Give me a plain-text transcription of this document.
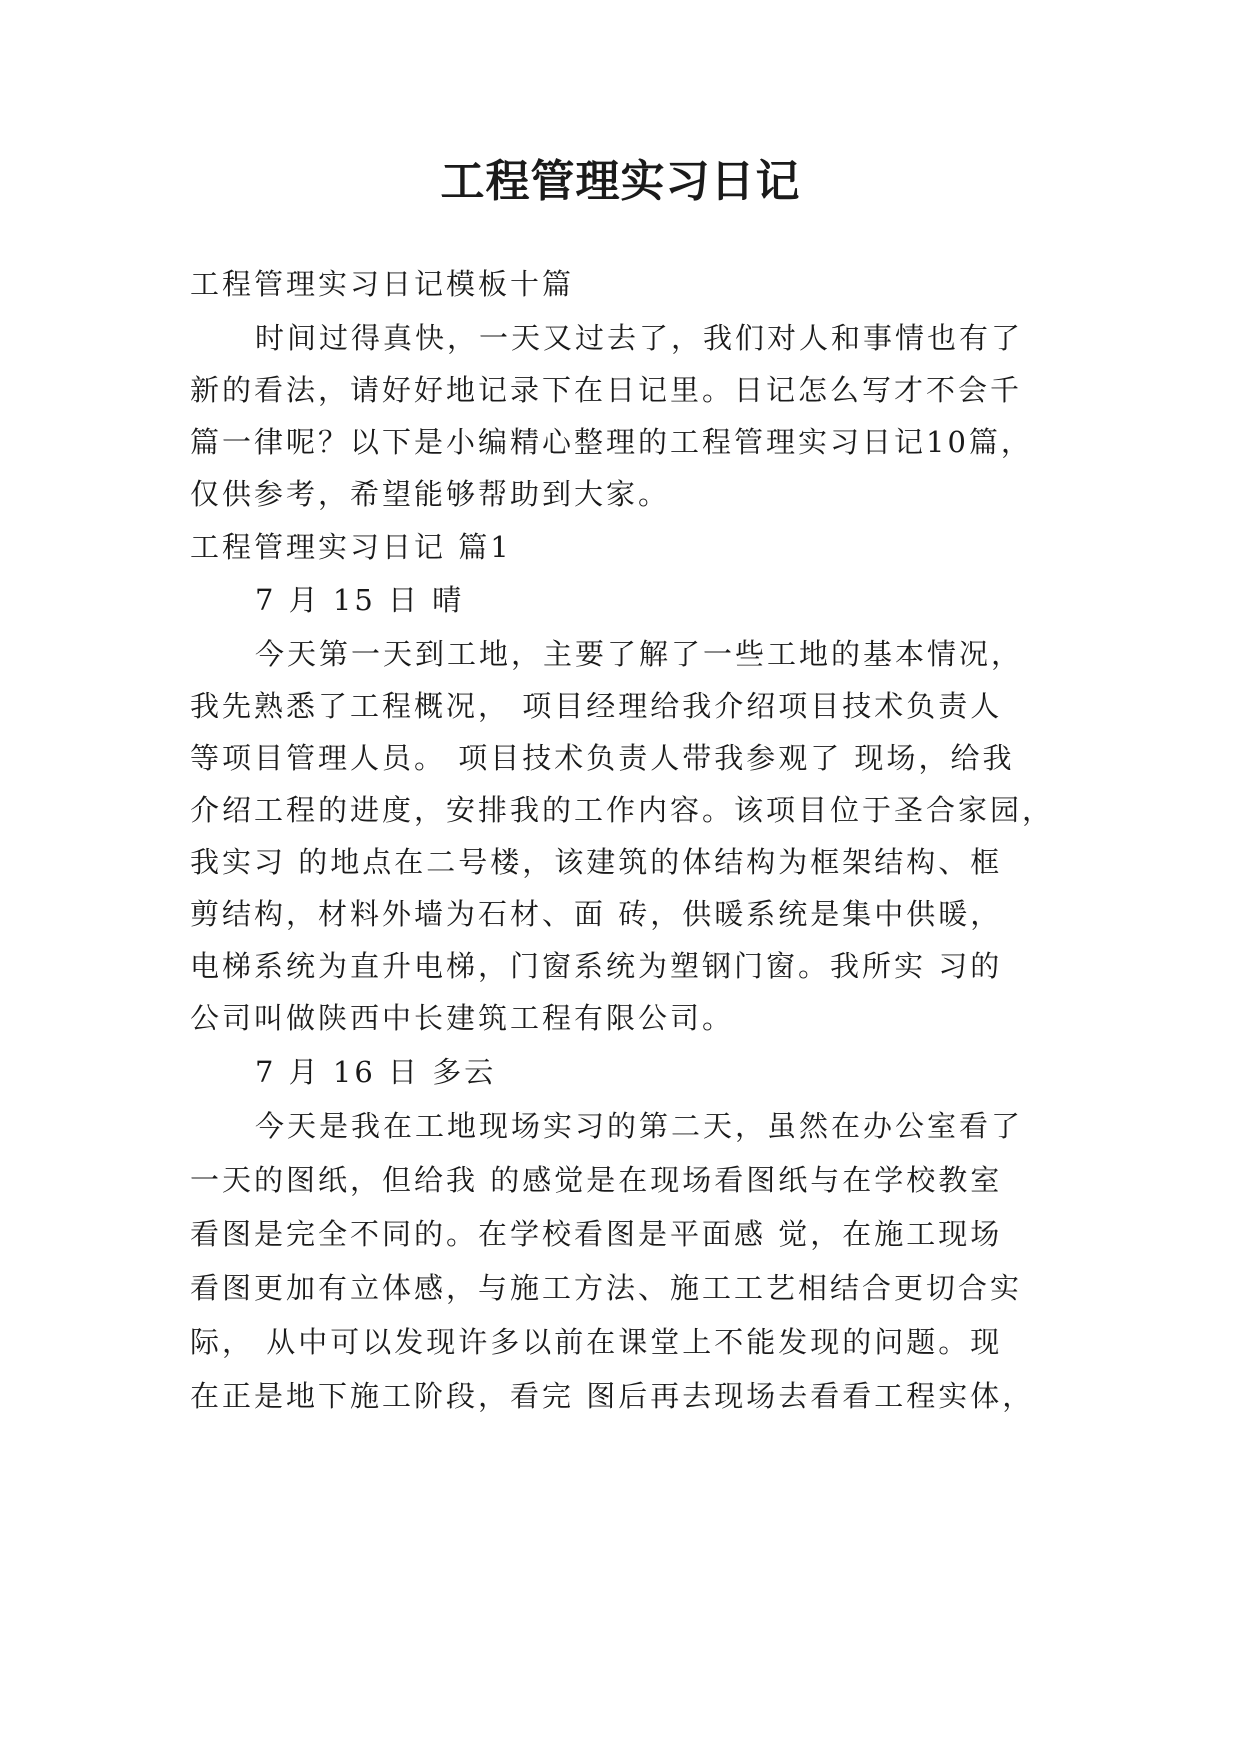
工程管理实习日记
工程管理实习日记模板十篇
时间过得真快，一天又过去了，我们对人和事情也有了
新的看法，请好好地记录下在日记里。日记怎么写才不会千
篇一律呢？以下是小编精心整理的工程管理实习日记10篇，
仅供参考，希望能够帮助到大家。
工程管理实习日记 篇1
7 月 15 日 晴
今天第一天到工地，主要了解了一些工地的基本情况，
我先熟悉了工程概况， 项目经理给我介绍项目技术负责人
等项目管理人员。 项目技术负责人带我参观了 现场，给我
介绍工程的进度，安排我的工作内容。该项目位于圣合家园，
我实习 的地点在二号楼，该建筑的体结构为框架结构、框
剪结构，材料外墙为石材、面 砖，供暖系统是集中供暖，
电梯系统为直升电梯，门窗系统为塑钢门窗。我所实 习的
公司叫做陕西中长建筑工程有限公司。
7 月 16 日 多云
今天是我在工地现场实习的第二天，虽然在办公室看了
一天的图纸，但给我 的感觉是在现场看图纸与在学校教室
看图是完全不同的。在学校看图是平面感 觉，在施工现场
看图更加有立体感，与施工方法、施工工艺相结合更切合实
际， 从中可以发现许多以前在课堂上不能发现的问题。现
在正是地下施工阶段，看完 图后再去现场去看看工程实体，
